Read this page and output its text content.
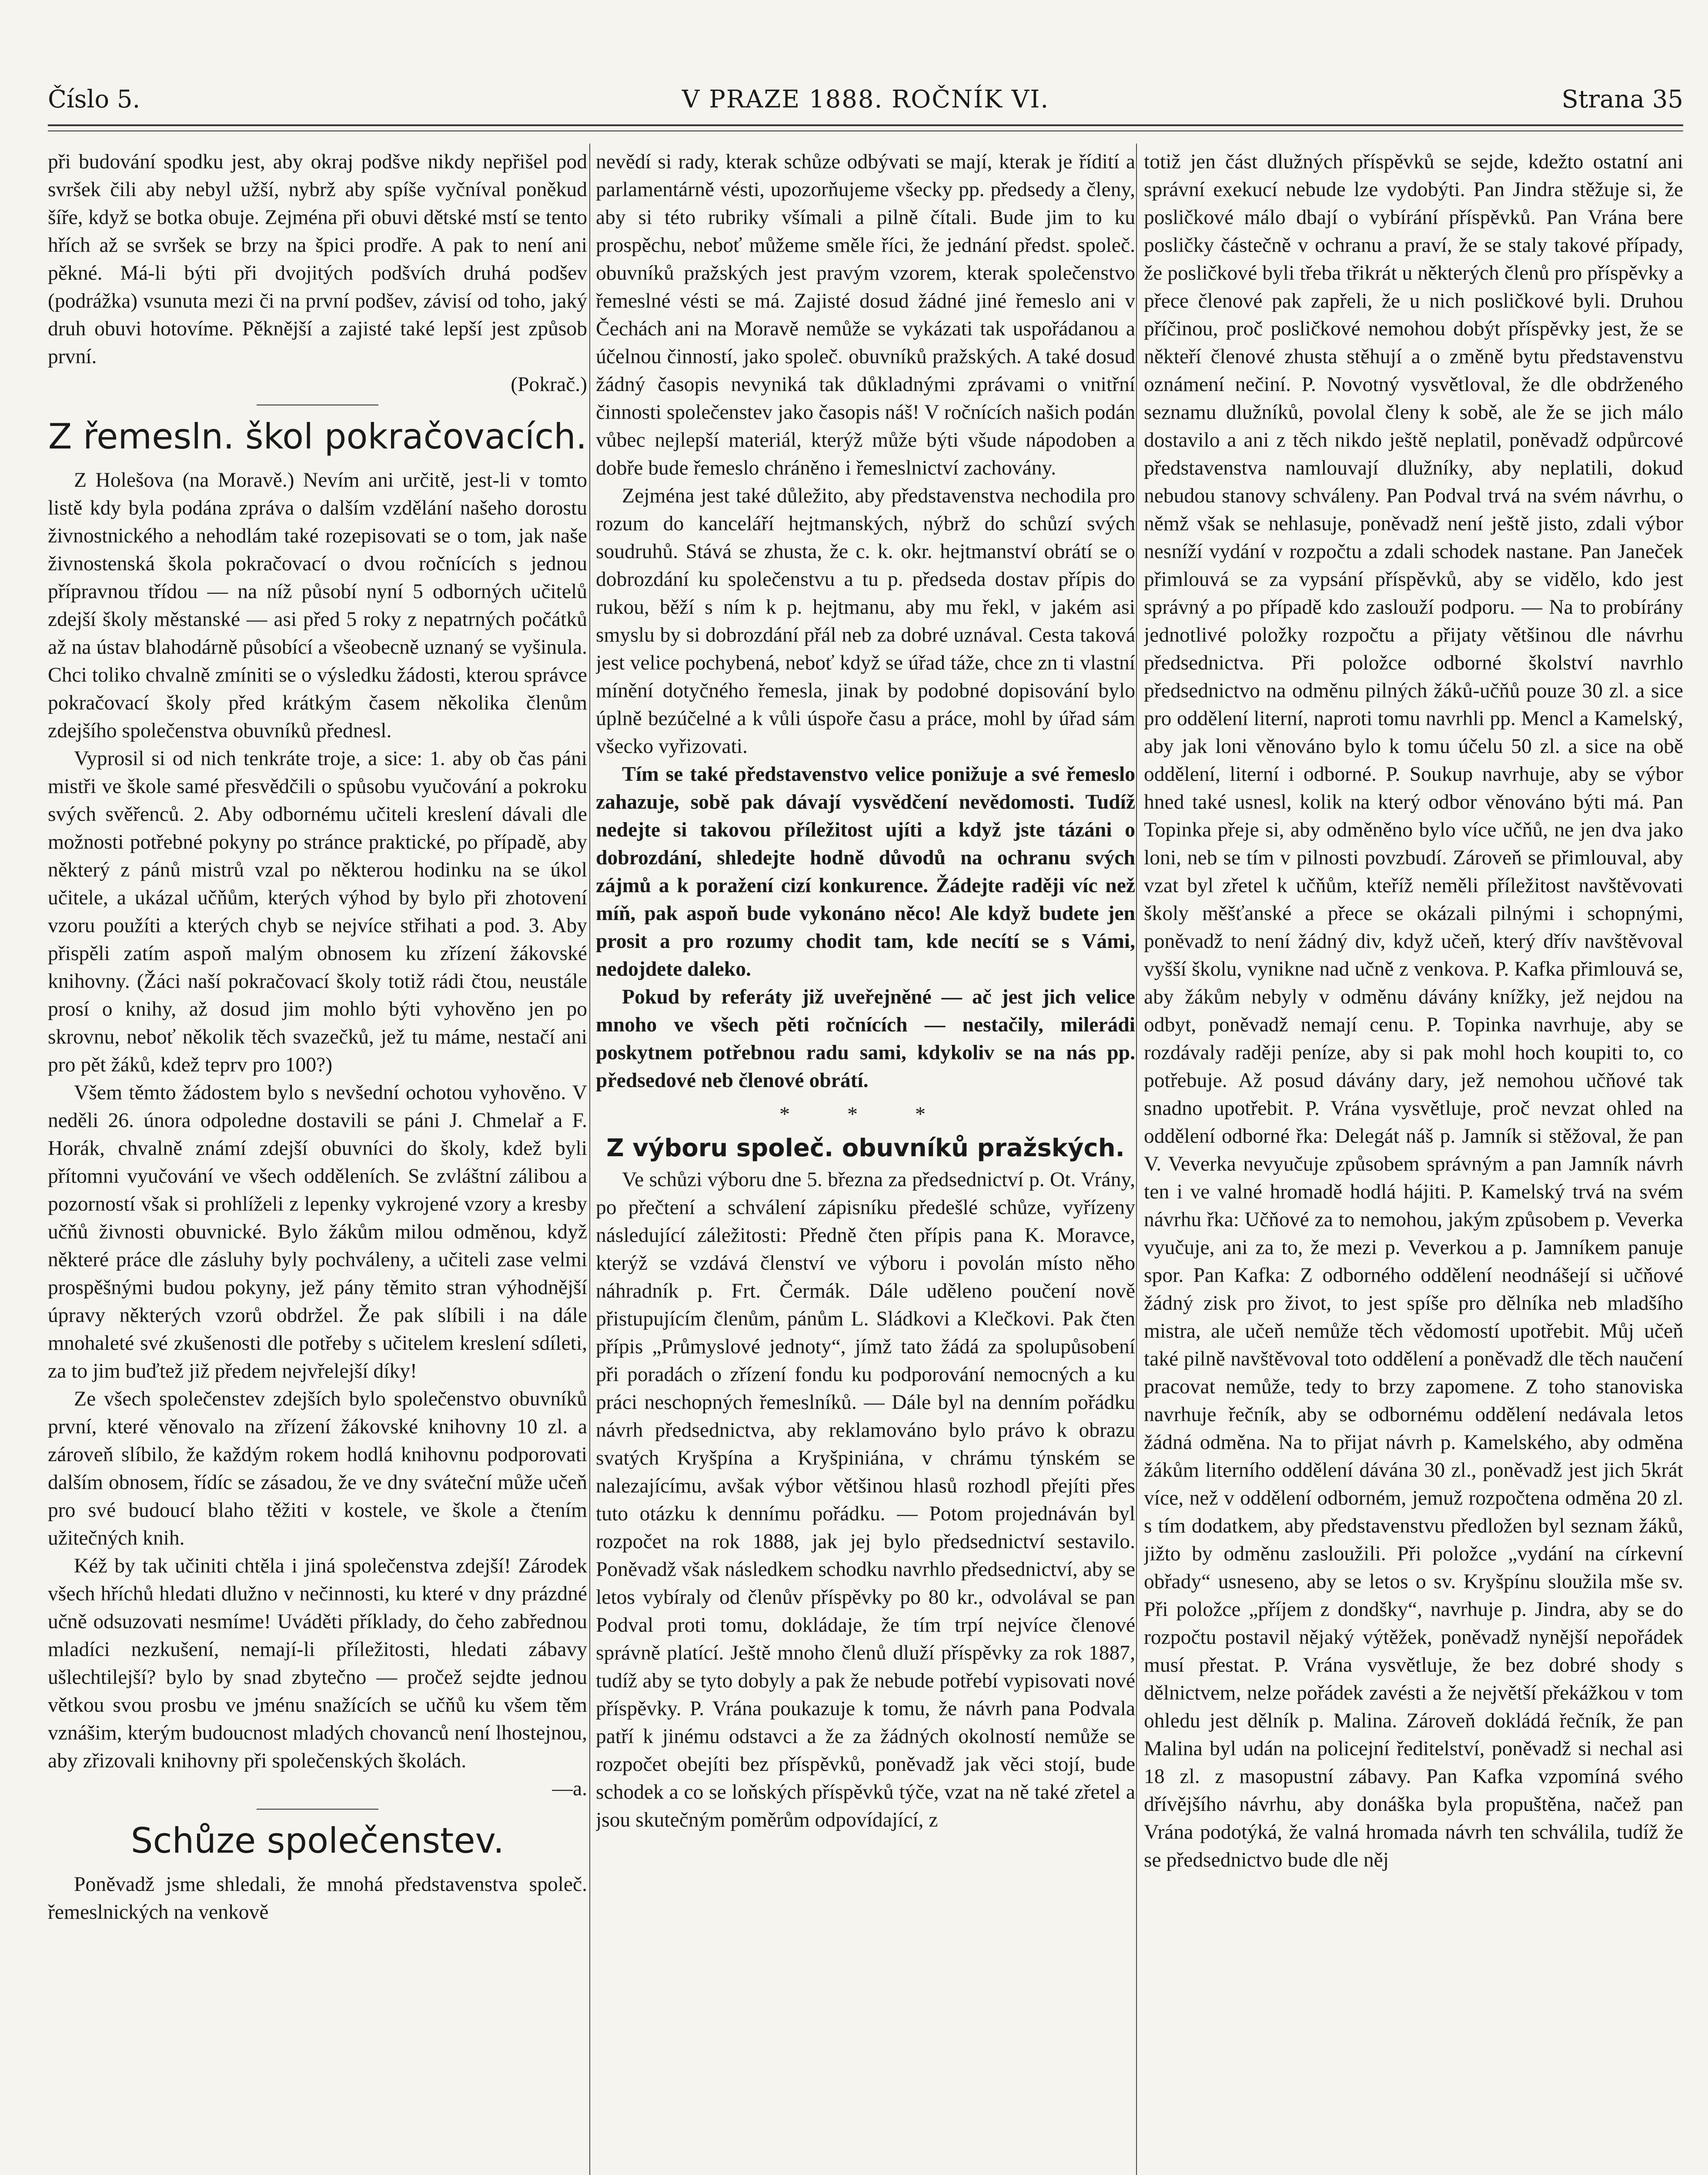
Číslo 5.	V PRAZE 1888. ROČNÍK VI.	Strana 35

při budování spodku jest, aby okraj podšve nikdy nepřišel pod svršek čili aby nebyl užší, nybrž aby spíše vyčníval poněkud šíře, když se botka obuje. Zejména při obuvi dětské mstí se tento hřích až se svršek se brzy na špici prodře. A pak to není ani pěkné. Má-li býti při dvojitých podšvích druhá podšev (podrážka) vsunuta mezi či na první podšev, závisí od toho, jaký druh obuvi hotovíme. Pěknější a zajisté také lepší jest způsob první.

(Pokrač.)

Z řemesln. škol pokračovacích.

Z Holešova (na Moravě.) Nevím ani určitě, jest-li v tomto listě kdy byla podána zpráva o dalším vzdělání našeho dorostu živnostnického a nehodlám také rozepisovati se o tom, jak naše živnostenská škola pokračovací o dvou ročnících s jednou přípravnou třídou — na níž působí nyní 5 odborných učitelů zdejší školy městanské — asi před 5 roky z nepatrných počátků až na ústav blahodárně působící a všeobecně uznaný se vyšinula. Chci toliko chvalně zmíniti se o výsledku žádosti, kterou správce pokračovací školy před krátkým časem několika členům zdejšího společenstva obuvníků přednesl.

Vyprosil si od nich tenkráte troje, a sice: 1. aby ob čas páni mistři ve škole samé přesvědčili o spůsobu vyučování a pokroku svých svěřenců. 2. Aby odbornému učiteli kreslení dávali dle možnosti potřebné pokyny po stránce praktické, po případě, aby některý z pánů mistrů vzal po některou hodinku na se úkol učitele, a ukázal učňům, kterých výhod by bylo při zhotovení vzoru použíti a kterých chyb se nejvíce střihati a pod. 3. Aby přispěli zatím aspoň malým obnosem ku zřízení žákovské knihovny. (Žáci naší pokračovací školy totiž rádi čtou, neustále prosí o knihy, až dosud jim mohlo býti vyhověno jen po skrovnu, neboť několik těch svazečků, jež tu máme, nestačí ani pro pět žáků, kdež teprv pro 100?)

Všem těmto žádostem bylo s nevšední ochotou vyhověno. V neděli 26. února odpoledne dostavili se páni J. Chmelař a F. Horák, chvalně známí zdejší obuvníci do školy, kdež byli přítomni vyučování ve všech odděleních. Se zvláštní zálibou a pozorností však si prohlíželi z lepenky vykrojené vzory a kresby učňů živnosti obuvnické. Bylo žákům milou odměnou, když některé práce dle zásluhy byly pochváleny, a učiteli zase velmi prospěšnými budou pokyny, jež pány těmito stran výhodnější úpravy některých vzorů obdržel. Že pak slíbili i na dále mnohaleté své zkušenosti dle potřeby s učitelem kreslení sdíleti, za to jim buďtež již předem nejvřelejší díky!

Ze všech společenstev zdejších bylo společenstvo obuvníků první, které věnovalo na zřízení žákovské knihovny 10 zl. a zároveň slíbilo, že každým rokem hodlá knihovnu podporovati dalším obnosem, řídíc se zásadou, že ve dny sváteční může učeň pro své budoucí blaho těžiti v kostele, ve škole a čtením užitečných knih.

Kéž by tak učiniti chtěla i jiná společenstva zdejší! Zárodek všech hříchů hledati dlužno v nečinnosti, ku které v dny prázdné učně odsuzovati nesmíme! Uváděti příklady, do čeho zabřednou mladíci nezkušení, nemají-li příležitosti, hledati zábavy ušlechtilejší? bylo by snad zbytečno — pročež sejdte jednou větkou svou prosbu ve jménu snažících se učňů ku všem těm vznášim, kterým budoucnost mladých chovanců není lhostejnou, aby zřizovali knihovny při společenských školách.

—a.

Schůze společenstev.

Poněvadž jsme shledali, že mnohá představenstva společ. řemeslnických na venkově

nevědí si rady, kterak schůze odbývati se mají, kterak je řídití a parlamentárně vésti, upozorňujeme všecky pp. předsedy a členy, aby si této rubriky všímali a pilně čítali. Bude jim to ku prospěchu, neboť můžeme směle říci, že jednání předst. společ. obuvníků pražských jest pravým vzorem, kterak společenstvo řemeslné vésti se má. Zajisté dosud žádné jiné řemeslo ani v Čechách ani na Moravě nemůže se vykázati tak uspořádanou a účelnou činností, jako společ. obuvníků pražských. A také dosud žádný časopis nevyniká tak důkladnými zprávami o vnitřní činnosti společenstev jako časopis náš! V ročnících našich podán vůbec nejlepší materiál, kterýž může býti všude nápodoben a dobře bude řemeslo chráněno i řemeslnictví zachovány.

Zejména jest také důležito, aby představenstva nechodila pro rozum do kanceláří hejtmanských, nýbrž do schůzí svých soudruhů. Stává se zhusta, že c. k. okr. hejtmanství obrátí se o dobrozdání ku společenstvu a tu p. předseda dostav přípis do rukou, běží s ním k p. hejtmanu, aby mu řekl, v jakém asi smyslu by si dobrozdání přál neb za dobré uznával. Cesta taková jest velice pochybená, neboť když se úřad táže, chce zn ti vlastní mínění dotyčného řemesla, jinak by podobné dopisování bylo úplně bezúčelné a k vůli úspoře času a práce, mohl by úřad sám všecko vyřizovati.

Tím se také představenstvo velice ponižuje a své řemeslo zahazuje, sobě pak dávají vysvědčení nevědomosti. Tudíž nedejte si takovou příležitost ujíti a když jste tázáni o dobrozdání, shledejte hodně důvodů na ochranu svých zájmů a k poražení cizí konkurence. Žádejte raději víc než míň, pak aspoň bude vykonáno něco! Ale když budete jen prosit a pro rozumy chodit tam, kde necítí se s Vámi, nedojdete daleko.

Pokud by referáty již uveřejněné — ač jest jich velice mnoho ve všech pěti ročnících — nestačily, milerádi poskytnem potřebnou radu sami, kdykoliv se na nás pp. předsedové neb členové obrátí.

* * *

Z výboru společ. obuvníků pražských.

Ve schůzi výboru dne 5. března za předsednictví p. Ot. Vrány, po přečtení a schválení zápisníku předešlé schůze, vyřízeny následující záležitosti: Předně čten přípis pana K. Moravce, kterýž se vzdává členství ve výboru i povolán místo něho náhradník p. Frt. Čermák. Dále uděleno poučení nově přistupujícím členům, pánům L. Sládkovi a Klečkovi. Pak čten přípis „Průmyslové jednoty“, jímž tato žádá za spolupůsobení při poradách o zřízení fondu ku podporování nemocných a ku práci neschopných řemeslníků. — Dále byl na denním pořádku návrh předsednictva, aby reklamováno bylo právo k obrazu svatých Kryšpína a Kryšpiniána, v chrámu týnském se nalezajícímu, avšak výbor většinou hlasů rozhodl přejíti přes tuto otázku k dennímu pořádku. — Potom projednáván byl rozpočet na rok 1888, jak jej bylo předsednictví sestavilo. Poněvadž však následkem schodku navrhlo předsednictví, aby se letos vybíraly od členův příspěvky po 80 kr., odvolával se pan Podval proti tomu, dokládaje, že tím trpí nejvíce členové správně platící. Ještě mnoho členů dluží příspěvky za rok 1887, tudíž aby se tyto dobyly a pak že nebude potřebí vypisovati nové příspěvky. P. Vrána poukazuje k tomu, že návrh pana Podvala patří k jinému odstavci a že za žádných okolností nemůže se rozpočet obejíti bez příspěvků, poněvadž jak věci stojí, bude schodek a co se loňských příspěvků týče, vzat na ně také zřetel a jsou skutečným poměrům odpovídající, z

totiž jen část dlužných příspěvků se sejde, kdežto ostatní ani správní exekucí nebude lze vydobýti. Pan Jindra stěžuje si, že posličkové málo dbají o vybírání příspěvků. Pan Vrána bere posličky částečně v ochranu a praví, že se staly takové případy, že posličkové byli třeba třikrát u některých členů pro příspěvky a přece členové pak zapřeli, že u nich posličkové byli. Druhou příčinou, proč posličkové nemohou dobýt příspěvky jest, že se někteří členové zhusta stěhují a o změně bytu představenstvu oznámení nečiní. P. Novotný vysvětloval, že dle obdrženého seznamu dlužníků, povolal členy k sobě, ale že se jich málo dostavilo a ani z těch nikdo ještě neplatil, poněvadž odpůrcové představenstva namlouvají dlužníky, aby neplatili, dokud nebudou stanovy schváleny. Pan Podval trvá na svém návrhu, o němž však se nehlasuje, poněvadž není ještě jisto, zdali výbor nesníží vydání v rozpočtu a zdali schodek nastane. Pan Janeček přimlouvá se za vypsání příspěvků, aby se vidělo, kdo jest správný a po případě kdo zaslouží podporu. — Na to probírány jednotlivé položky rozpočtu a přijaty většinou dle návrhu předsednictva. Při položce odborné školství navrhlo předsednictvo na odměnu pilných žáků-učňů pouze 30 zl. a sice pro oddělení literní, naproti tomu navrhli pp. Mencl a Kamelský, aby jak loni věnováno bylo k tomu účelu 50 zl. a sice na obě oddělení, literní i odborné. P. Soukup navrhuje, aby se výbor hned také usnesl, kolik na který odbor věnováno býti má. Pan Topinka přeje si, aby odměněno bylo více učňů, ne jen dva jako loni, neb se tím v pilnosti povzbudí. Zároveň se přimlouval, aby vzat byl zřetel k učňům, kteříž neměli příležitost navštěvovati školy měšťanské a přece se okázali pilnými i schopnými, poněvadž to není žádný div, když učeň, který dřív navštěvoval vyšší školu, vynikne nad učně z venkova. P. Kafka přimlouvá se, aby žákům nebyly v odměnu dávány knížky, jež nejdou na odbyt, poněvadž nemají cenu. P. Topinka navrhuje, aby se rozdávaly raději peníze, aby si pak mohl hoch koupiti to, co potřebuje. Až posud dávány dary, jež nemohou učňové tak snadno upotřebit. P. Vrána vysvětluje, proč nevzat ohled na oddělení odborné řka: Delegát náš p. Jamník si stěžoval, že pan V. Veverka nevyučuje způsobem správným a pan Jamník návrh ten i ve valné hromadě hodlá hájiti. P. Kamelský trvá na svém návrhu řka: Učňové za to nemohou, jakým způsobem p. Veverka vyučuje, ani za to, že mezi p. Veverkou a p. Jamníkem panuje spor. Pan Kafka: Z odborného oddělení neodnášejí si učňové žádný zisk pro život, to jest spíše pro dělníka neb mladšího mistra, ale učeň nemůže těch vědomostí upotřebit. Můj učeň také pilně navštěvoval toto oddělení a poněvadž dle těch naučení pracovat nemůže, tedy to brzy zapomene. Z toho stanoviska navrhuje řečník, aby se odbornému oddělení nedávala letos žádná odměna. Na to přijat návrh p. Kamelského, aby odměna žákům literního oddělení dávána 30 zl., poněvadž jest jich 5krát více, než v oddělení odborném, jemuž rozpočtena odměna 20 zl. s tím dodatkem, aby představenstvu předložen byl seznam žáků, jižto by odměnu zasloužili. Při položce „vydání na církevní obřady“ usneseno, aby se letos o sv. Kryšpínu sloužila mše sv. Při položce „příjem z dondšky“, navrhuje p. Jindra, aby se do rozpočtu postavil nějaký výtěžek, poněvadž nynější nepořádek musí přestat. P. Vrána vysvětluje, že bez dobré shody s dělnictvem, nelze pořádek zavésti a že největší překážkou v tom ohledu jest dělník p. Malina. Zároveň dokládá řečník, že pan Malina byl udán na policejní ředitelství, poněvadž si nechal asi 18 zl. z masopustní zábavy. Pan Kafka vzpomíná svého dřívějšího návrhu, aby donáška byla propuštěna, načež pan Vrána podotýká, že valná hromada návrh ten schválila, tudíž že se předsednictvo bude dle něj
